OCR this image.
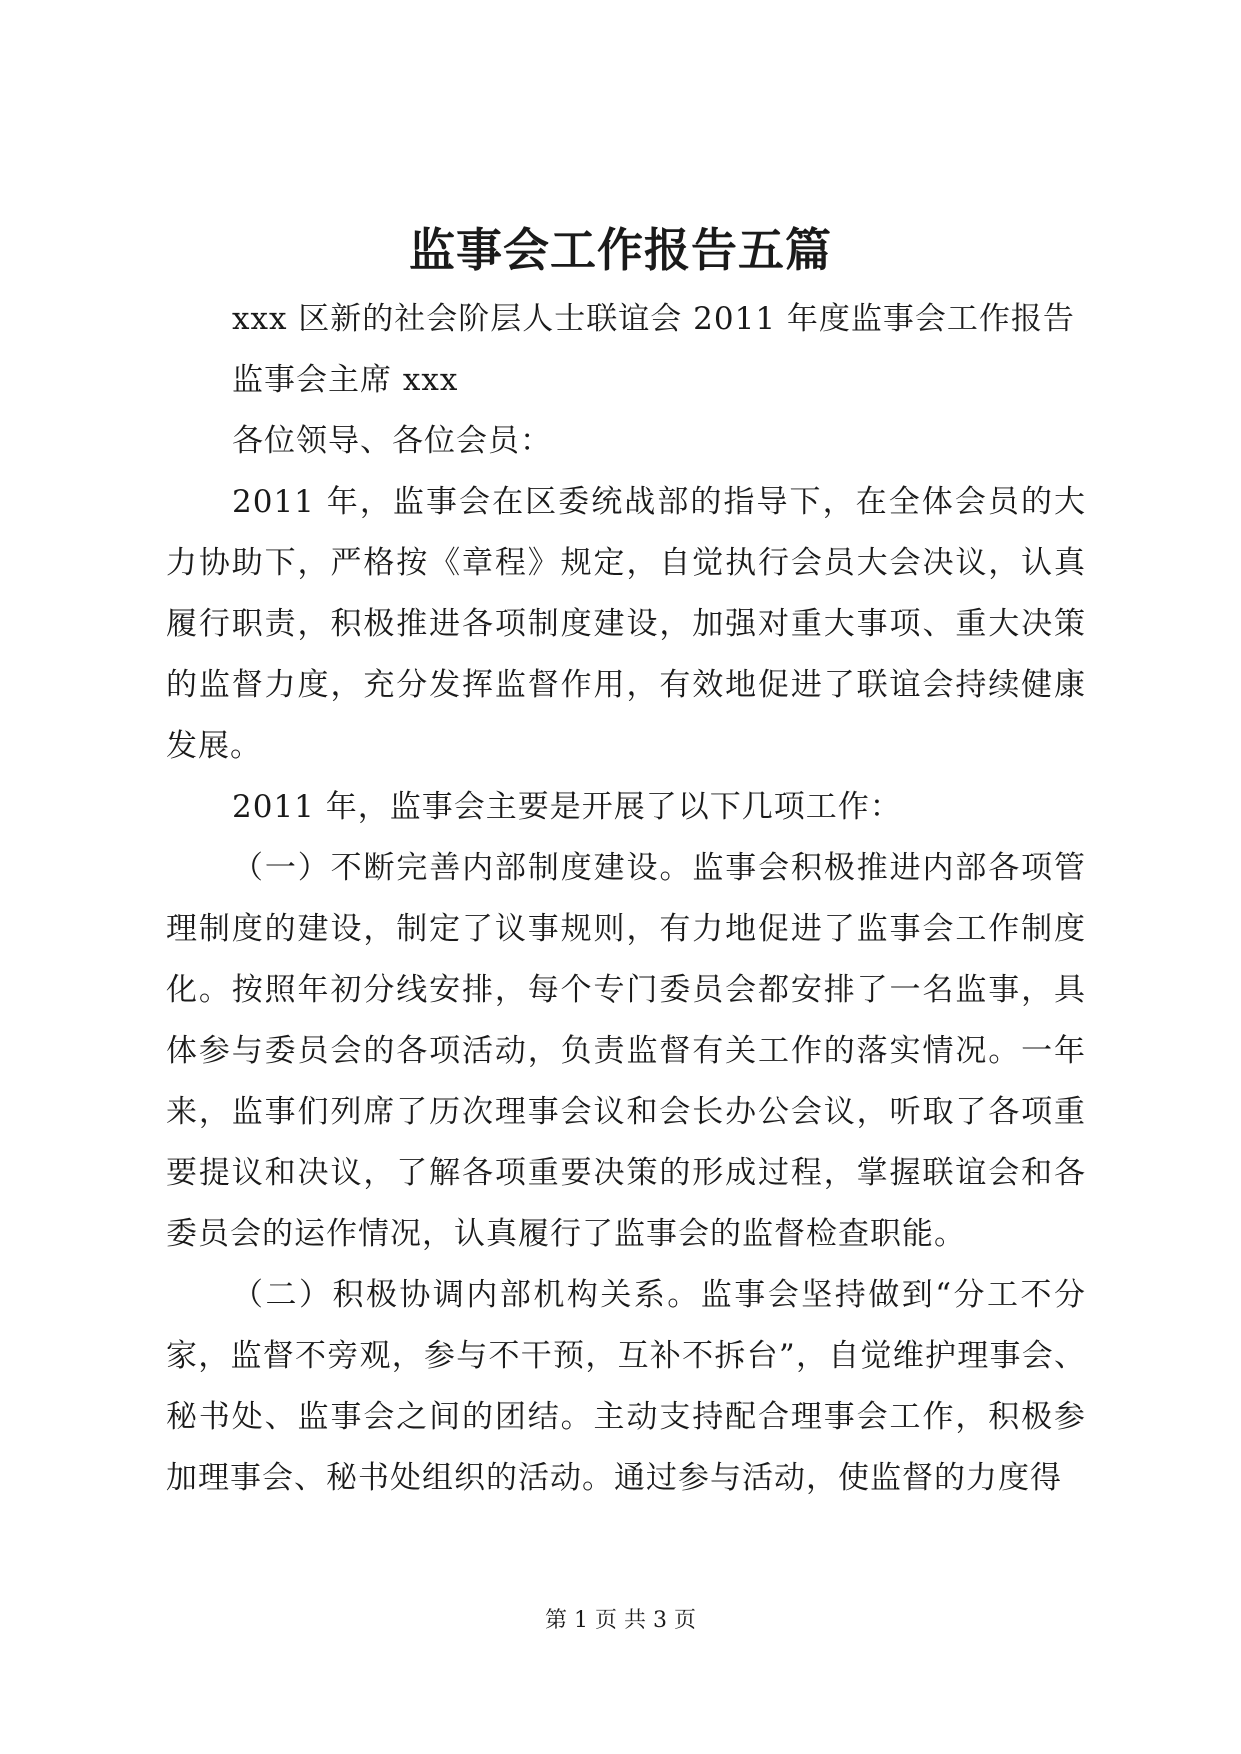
监事会工作报告五篇

xxx 区新的社会阶层人士联谊会 2011 年度监事会工作报告

监事会主席 xxx

各位领导、各位会员：

2011 年，监事会在区委统战部的指导下，在全体会员的大力协助下，严格按《章程》规定，自觉执行会员大会决议，认真履行职责，积极推进各项制度建设，加强对重大事项、重大决策的监督力度，充分发挥监督作用，有效地促进了联谊会持续健康发展。

2011 年，监事会主要是开展了以下几项工作：

（一）不断完善内部制度建设。监事会积极推进内部各项管理制度的建设，制定了议事规则，有力地促进了监事会工作制度化。按照年初分线安排，每个专门委员会都安排了一名监事，具体参与委员会的各项活动，负责监督有关工作的落实情况。一年来，监事们列席了历次理事会议和会长办公会议，听取了各项重要提议和决议，了解各项重要决策的形成过程，掌握联谊会和各委员会的运作情况，认真履行了监事会的监督检查职能。

（二）积极协调内部机构关系。监事会坚持做到“分工不分家，监督不旁观，参与不干预，互补不拆台”，自觉维护理事会、秘书处、监事会之间的团结。主动支持配合理事会工作，积极参加理事会、秘书处组织的活动。通过参与活动，使监督的力度得

第 1 页 共 3 页
